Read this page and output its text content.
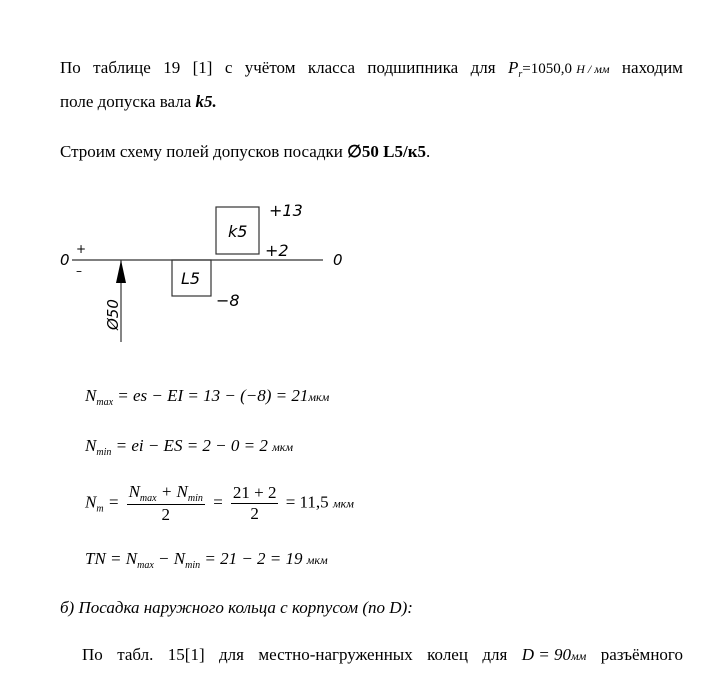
По таблице 19 [1] с учётом класса подшипника для $P_r=1050,0$ Н / мм находим
поле допуска вала k5.
Строим схему полей допусков посадки ∅50 L5/к5.
0
+
–
0
k5
L5
+13
+2
−8
Ø50
$N_{max}$ = es − EI = 13 − (−8) = 21мкм
$N_{min}$ = ei − ES = 2 − 0 = 2 мкм
$N_m = \frac{N_{max} + N_{min}}{2} = \frac{21 + 2}{2} = 11,5$ мкм
TN = $N_{max} - N_{min} = 21 - 2 = 19$ мкм
б) Посадка наружного кольца с корпусом (по D):
По табл. 15[1] для местно-нагруженных колец для D = 90мм разъёмного
